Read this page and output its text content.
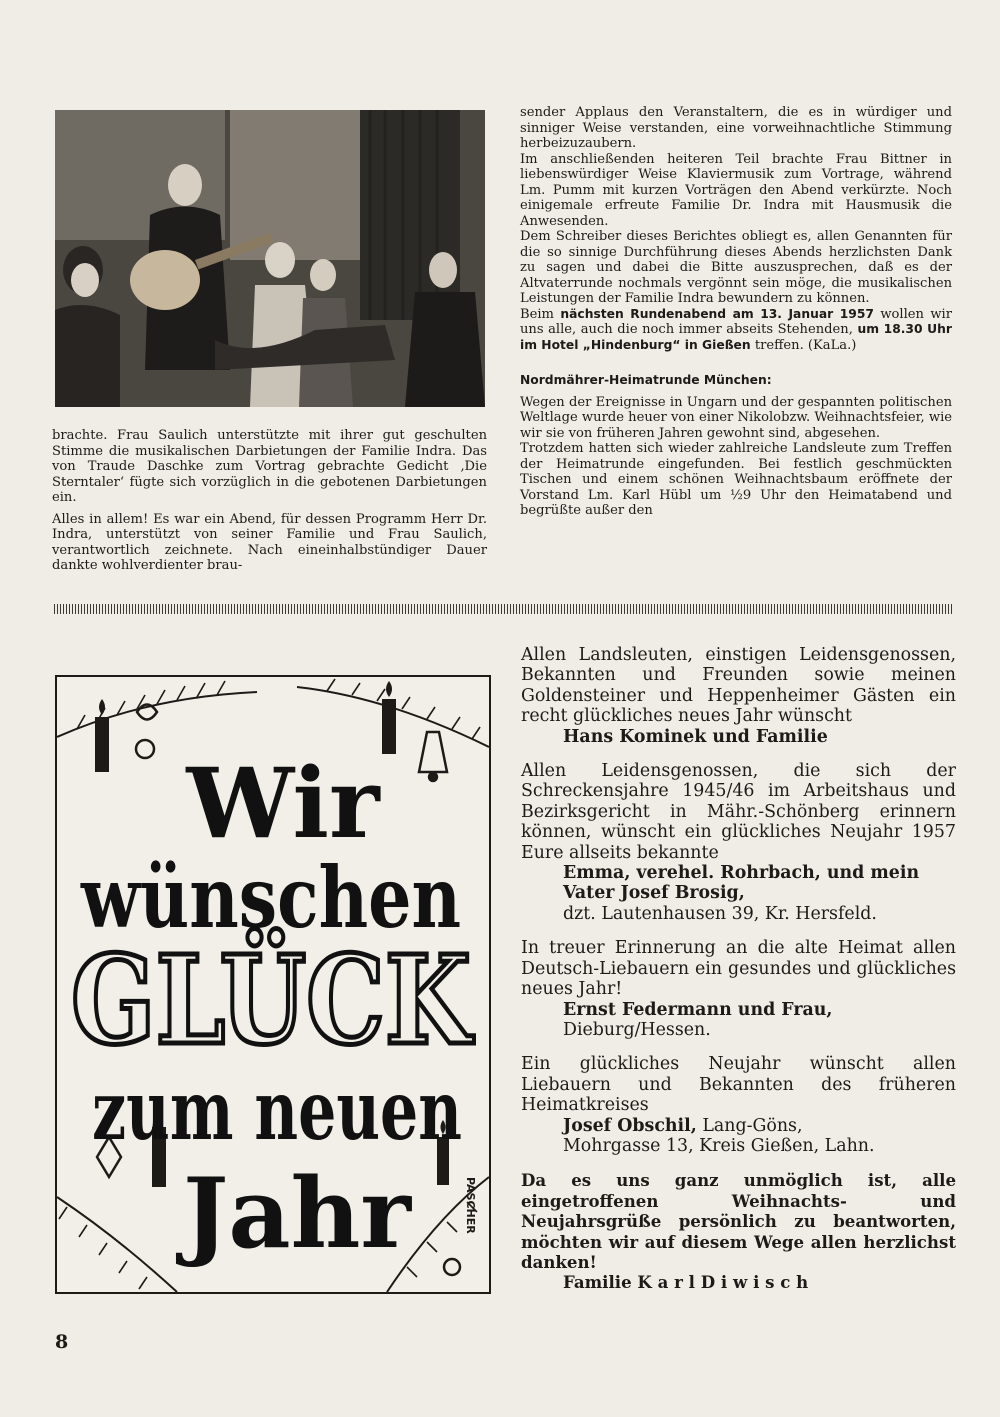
brachte. Frau Saulich unterstützte mit ihrer gut geschulten Stimme die musikalischen Darbietungen der Familie Indra. Das von Traude Daschke zum Vortrag gebrachte Gedicht ‚Die Sterntaler‘ fügte sich vorzüglich in die gebotenen Darbietungen ein.

Alles in allem! Es war ein Abend, für dessen Programm Herr Dr. Indra, unterstützt von seiner Familie und Frau Saulich, verantwortlich zeichnete. Nach eineinhalbstündiger Dauer dankte wohlverdienter brau-

sender Applaus den Veranstaltern, die es in würdiger und sinniger Weise verstanden, eine vorweihnachtliche Stimmung herbeizuzaubern.

Im anschließenden heiteren Teil brachte Frau Bittner in liebenswürdiger Weise Klaviermusik zum Vortrage, während Lm. Pumm mit kurzen Vorträgen den Abend verkürzte. Noch einigemale erfreute Familie Dr. Indra mit Hausmusik die Anwesenden.

Dem Schreiber dieses Berichtes obliegt es, allen Genannten für die so sinnige Durchführung dieses Abends herzlichsten Dank zu sagen und dabei die Bitte auszusprechen, daß es der Altvaterrunde nochmals vergönnt sein möge, die musikalischen Leistungen der Familie Indra bewundern zu können.

Beim nächsten Rundenabend am 13. Januar 1957 wollen wir uns alle, auch die noch immer abseits Stehenden, um 18.30 Uhr im Hotel „Hindenburg“ in Gießen treffen. (KaLa.)

Nordmährer-Heimatrunde München:

Wegen der Ereignisse in Ungarn und der gespannten politischen Weltlage wurde heuer von einer Nikolobzw. Weihnachtsfeier, wie wir sie von früheren Jahren gewohnt sind, abgesehen.

Trotzdem hatten sich wieder zahlreiche Landsleute zum Treffen der Heimatrunde eingefunden. Bei festlich geschmückten Tischen und einem schönen Weihnachtsbaum eröffnete der Vorstand Lm. Karl Hübl um ½9 Uhr den Heimatabend und begrüßte außer den

Wir
wünschen
GLÜCK
zum neuen
Jahr	PASCHER
Allen Landsleuten, einstigen Leidensgenossen, Bekannten und Freunden sowie meinen Goldensteiner und Heppenheimer Gästen ein recht glückliches neues Jahr wünscht
Hans Kominek und Familie
Allen Leidensgenossen, die sich der Schreckensjahre 1945/46 im Arbeitshaus und Bezirksgericht in Mähr.-Schönberg erinnern können, wünscht ein glückliches Neujahr 1957 Eure allseits bekannte
Emma, verehel. Rohrbach, und mein Vater Josef Brosig,
dzt. Lautenhausen 39, Kr. Hersfeld.
In treuer Erinnerung an die alte Heimat allen Deutsch-Liebauern ein gesundes und glückliches neues Jahr!
Ernst Federmann und Frau,
Dieburg/Hessen.
Ein glückliches Neujahr wünscht allen Liebauern und Bekannten des früheren Heimatkreises
Josef Obschil, Lang-Göns,
Mohrgasse 13, Kreis Gießen, Lahn.
Da es uns ganz unmöglich ist, alle eingetroffenen Weihnachts- und Neujahrsgrüße persönlich zu beantworten, möchten wir auf diesem Wege allen herzlichst danken!
Familie K a r l D i w i s c h
8
